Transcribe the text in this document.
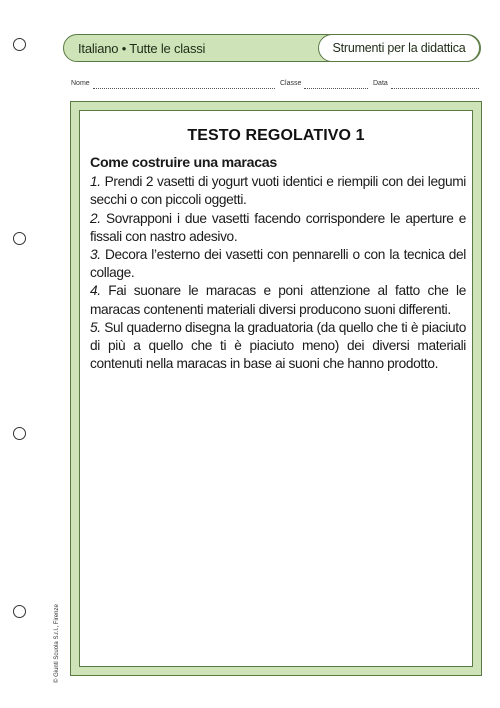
Italiano • Tutte le classi	Strumenti per la didattica
Nome	Classe	Data
TESTO REGOLATIVO 1
Come costruire una maracas

1. Prendi 2 vasetti di yogurt vuoti identici e riempili con dei legumi secchi o con piccoli oggetti.

2. Sovrapponi i due vasetti facendo corrispondere le aperture e fissali con nastro adesivo.

3. Decora l’esterno dei vasetti con pennarelli o con la tecnica del collage.

4. Fai suonare le maracas e poni attenzione al fatto che le maracas contenenti materiali diversi producono suoni differenti.

5. Sul quaderno disegna la graduatoria (da quello che ti è piaciuto di più a quello che ti è piaciuto meno) dei diversi materiali contenuti nella maracas in base ai suoni che hanno prodotto.

© Giunti Scuola S.r.l., Firenze
